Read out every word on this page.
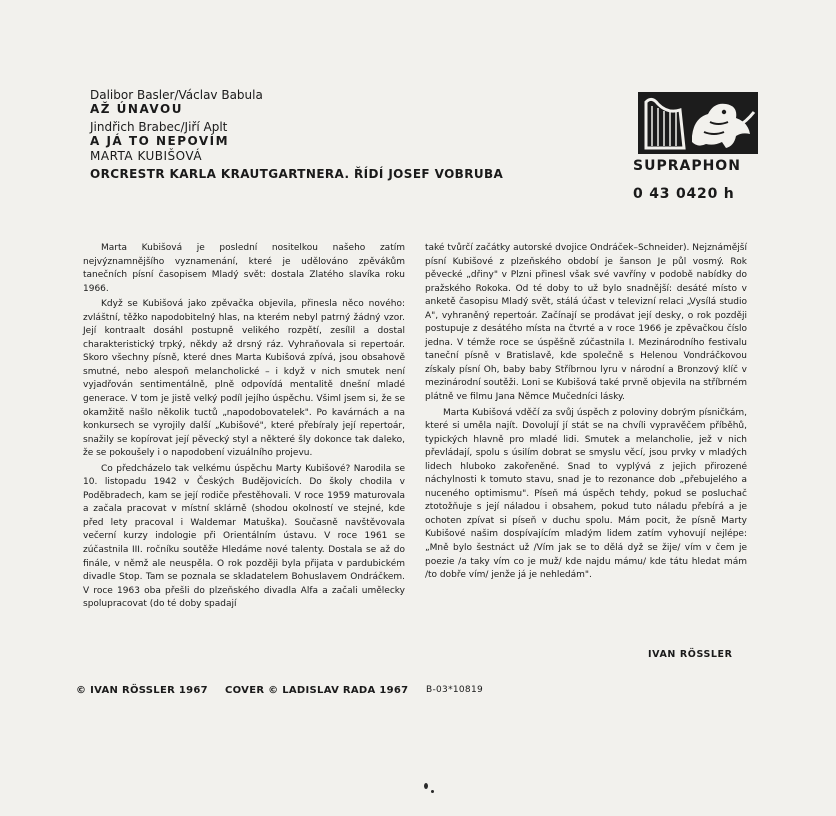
Dalibor Basler/Václav Babula
AŽ ÚNAVOU
Jindřich Brabec/Jiří Aplt
A JÁ TO NEPOVÍM
MARTA KUBIŠOVÁ
ORCRESTR KARLA KRAUTGARTNERA. ŘÍDÍ JOSEF VOBRUBA	SUPRAPHON
0 43 0420 h

Marta Kubišová je poslední nositelkou našeho zatím nejvýznamnějšího vyznamenání, které je udělováno zpěvákům tanečních písní časopisem Mladý svět: dostala Zlatého slavíka roku 1966.

Když se Kubišová jako zpěvačka objevila, přinesla něco nového: zvláštní, těžko napodobitelný hlas, na kterém nebyl patrný žádný vzor. Její kontraalt dosáhl postupně velikého rozpětí, zesílil a dostal charakteristický trpký, někdy až drsný ráz. Vyhraňovala si repertoár. Skoro všechny písně, které dnes Marta Kubišová zpívá, jsou obsahově smutné, nebo alespoň melancholické – i když v nich smutek není vyjadřován sentimentálně, plně odpovídá mentalitě dnešní mladé generace. V tom je jistě velký podíl jejího úspěchu. Všiml jsem si, že se okamžitě našlo několik tuctů „napodobovatelek". Po kavárnách a na konkursech se vyrojily další „Kubišové", které přebíraly její repertoár, snažily se kopírovat její pěvecký styl a některé šly dokonce tak daleko, že se pokoušely i o napodobení vizuálního projevu.

Co předcházelo tak velkému úspěchu Marty Kubišové? Narodila se 10. listopadu 1942 v Českých Budějovicích. Do školy chodila v Poděbradech, kam se její rodiče přestěhovali. V roce 1959 maturovala a začala pracovat v místní sklárně (shodou okolností ve stejné, kde před lety pracoval i Waldemar Matuška). Současně navštěvovala večerní kurzy indologie při Orientálním ústavu. V roce 1961 se zúčastnila III. ročníku soutěže Hledáme nové talenty. Dostala se až do finále, v němž ale neuspěla. O rok později byla přijata v pardubickém divadle Stop. Tam se poznala se skladatelem Bohuslavem Ondráčkem. V roce 1963 oba přešli do plzeňského divadla Alfa a začali umělecky spolupracovat (do té doby spadají

také tvůrčí začátky autorské dvojice Ondráček–Schneider). Nejznámější písní Kubišové z plzeňského období je šanson Je půl vosmý. Rok pěvecké „dřiny" v Plzni přinesl však své vavříny v podobě nabídky do pražského Rokoka. Od té doby to už bylo snadnější: desáté místo v anketě časopisu Mladý svět, stálá účast v televizní relaci „Vysílá studio A", vyhraněný repertoár. Začínají se prodávat její desky, o rok později postupuje z desátého místa na čtvrté a v roce 1966 je zpěvačkou číslo jedna. V témže roce se úspěšně zúčastnila I. Mezinárodního festivalu taneční písně v Bratislavě, kde společně s Helenou Vondráčkovou získaly písní Oh, baby baby Stříbrnou lyru v národní a Bronzový klíč v mezinárodní soutěži. Loni se Kubišová také prvně objevila na stříbrném plátně ve filmu Jana Němce Mučedníci lásky.

Marta Kubišová vděčí za svůj úspěch z poloviny dobrým písničkám, které si uměla najít. Dovolují jí stát se na chvíli vypravěčem příběhů, typických hlavně pro mladé lidi. Smutek a melancholie, jež v nich převládají, spolu s úsilím dobrat se smyslu věcí, jsou prvky v mladých lidech hluboko zakořeněné. Snad to vyplývá z jejich přirozené náchylnosti k tomuto stavu, snad je to rezonance dob „přebujelého a nuceného optimismu". Píseň má úspěch tehdy, pokud se posluchač ztotožňuje s její náladou i obsahem, pokud tuto náladu přebírá a je ochoten zpívat si píseň v duchu spolu. Mám pocit, že písně Marty Kubišové našim dospívajícím mladým lidem zatím vyhovují nejlépe: „Mně bylo šestnáct už /Vím jak se to dělá dyž se žije/ vím v čem je poezie /a taky vím co je muž/ kde najdu mámu/ kde tátu hledat mám /to dobře vím/ jenže já je nehledám".

IVAN RÖSSLER
© IVAN RÖSSLER 1967 COVER © LADISLAV RADA 1967 B-03*10819
